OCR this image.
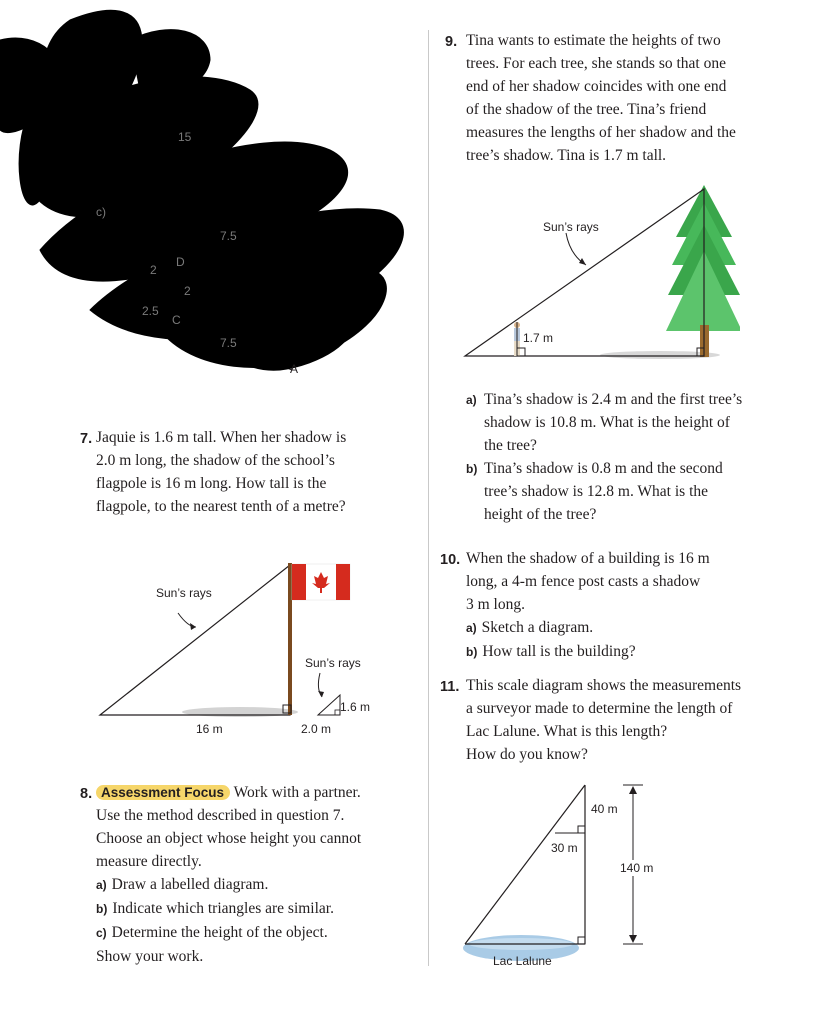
c)
15
7.5
2
D
2
2.5
C
7.5
A
7. Jaquie is 1.6 m tall. When her shadow is
2.0 m long, the shadow of the school’s
flagpole is 16 m long. How tall is the
flagpole, to the nearest tenth of a metre?
Sun’s rays
16 m
Sun’s rays
1.6 m
2.0 m
8. Assessment Focus Work with a partner.
Use the method described in question 7.
Choose an object whose height you cannot
measure directly.
a) Draw a labelled diagram.
b) Indicate which triangles are similar.
c) Determine the height of the object.
Show your work.
9. Tina wants to estimate the heights of two
trees. For each tree, she stands so that one
end of her shadow coincides with one end
of the shadow of the tree. Tina’s friend
measures the lengths of her shadow and the
tree’s shadow. Tina is 1.7 m tall.
Sun’s rays
1.7 m
a) Tina’s shadow is 2.4 m and the first tree’s
shadow is 10.8 m. What is the height of
the tree?
b) Tina’s shadow is 0.8 m and the second
tree’s shadow is 12.8 m. What is the
height of the tree?
10. When the shadow of a building is 16 m
long, a 4-m fence post casts a shadow
3 m long.
a) Sketch a diagram.
b) How tall is the building?
11. This scale diagram shows the measurements
a surveyor made to determine the length of
Lac Lalune. What is this length?
How do you know?
40 m
30 m
140 m
Lac Lalune
